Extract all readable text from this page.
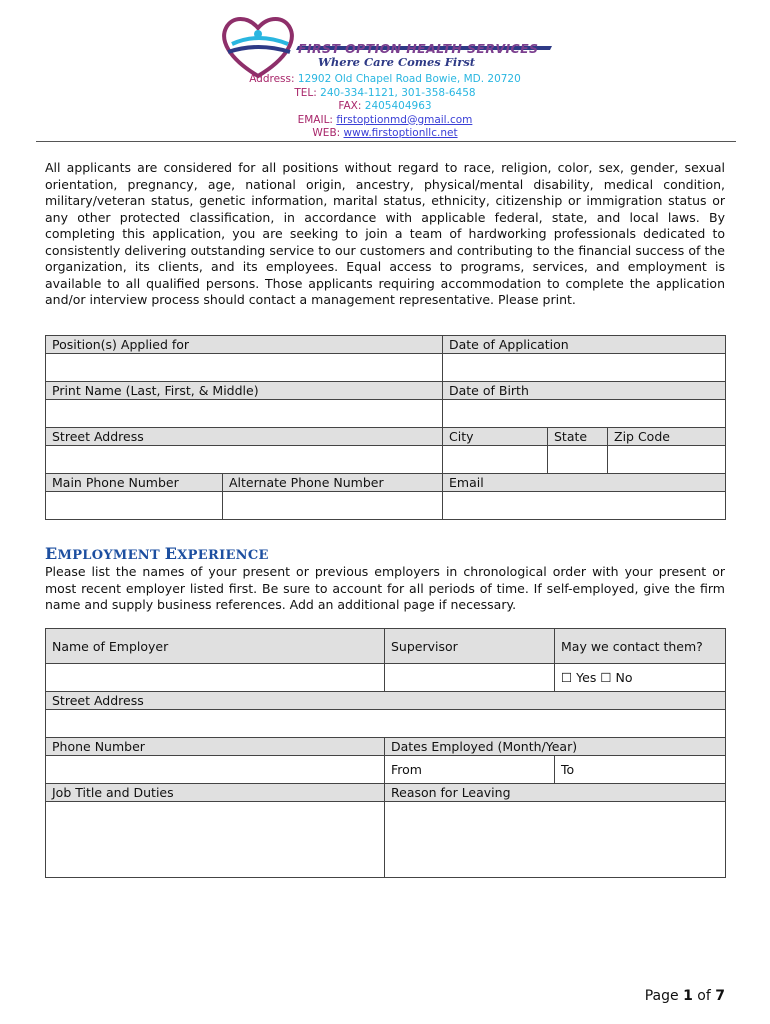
FIRST OPTION HEALTH SERVICES
Where Care Comes First
Address: 12902 Old Chapel Road Bowie, MD. 20720
TEL: 240-334-1121, 301-358-6458
FAX: 2405404963
EMAIL: firstoptionmd@gmail.com
WEB: www.firstoptionllc.net

All applicants are considered for all positions without regard to race, religion, color, sex, gender, sexual orientation, pregnancy, age, national origin, ancestry, physical/mental disability, medical condition, military/veteran status, genetic information, marital status, ethnicity, citizenship or immigration status or any other protected classification, in accordance with applicable federal, state, and local laws. By completing this application, you are seeking to join a team of hardworking professionals dedicated to consistently delivering outstanding service to our customers and contributing to the financial success of the organization, its clients, and its employees. Equal access to programs, services, and employment is available to all qualified persons. Those applicants requiring accommodation to complete the application and/or interview process should contact a management representative. Please print.

Position(s) Applied for		Date of Application		

Print Name (Last, First, & Middle)		Date of Birth		

Street Address		City	State	Zip Code

Main Phone Number	Alternate Phone Number	Email		

EMPLOYMENT EXPERIENCE

Please list the names of your present or previous employers in chronological order with your present or most recent employer listed first. Be sure to account for all periods of time. If self-employed, give the firm name and supply business references. Add an additional page if necessary.

Name of Employer	Supervisor	May we contact them?
		☐ Yes ☐ No
Street Address		

Phone Number	Dates Employed (Month/Year)	
	From	To
Job Title and Duties	Reason for Leaving	

Page 1 of 7
